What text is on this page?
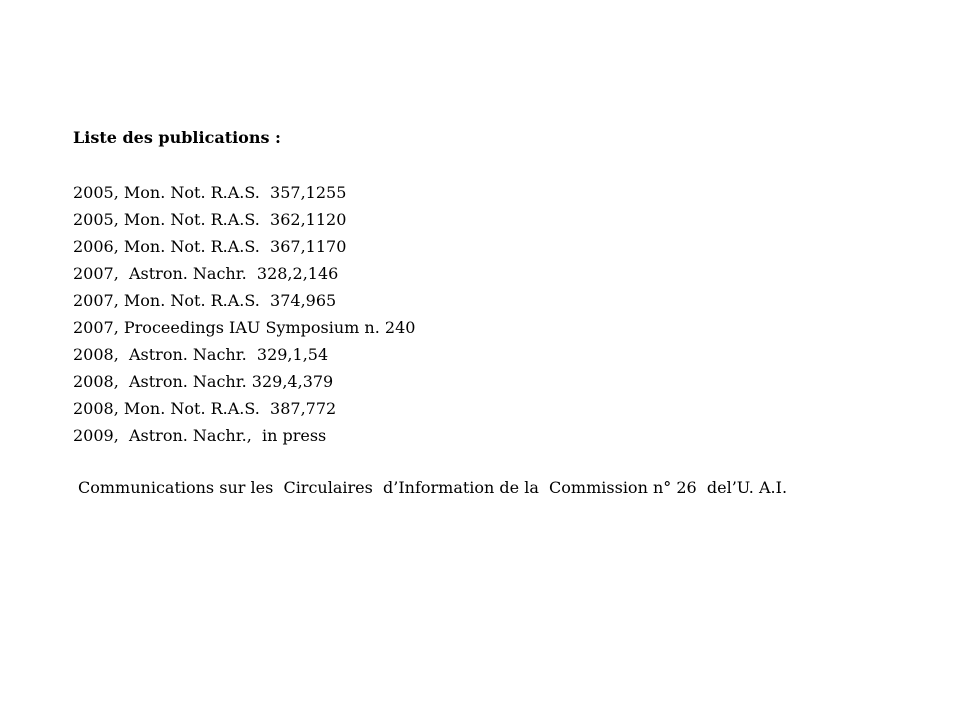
Liste des publications :
2005, Mon. Not. R.A.S.  357,1255
2005, Mon. Not. R.A.S.  362,1120
2006, Mon. Not. R.A.S.  367,1170
2007,  Astron. Nachr.  328,2,146
2007, Mon. Not. R.A.S.  374,965
2007, Proceedings IAU Symposium n. 240
2008,  Astron. Nachr.  329,1,54
2008,  Astron. Nachr. 329,4,379
2008, Mon. Not. R.A.S.  387,772
2009,  Astron. Nachr.,  in press

Communications sur les  Circulaires  d’Information de la  Commission n° 26  del’U. A.I.
